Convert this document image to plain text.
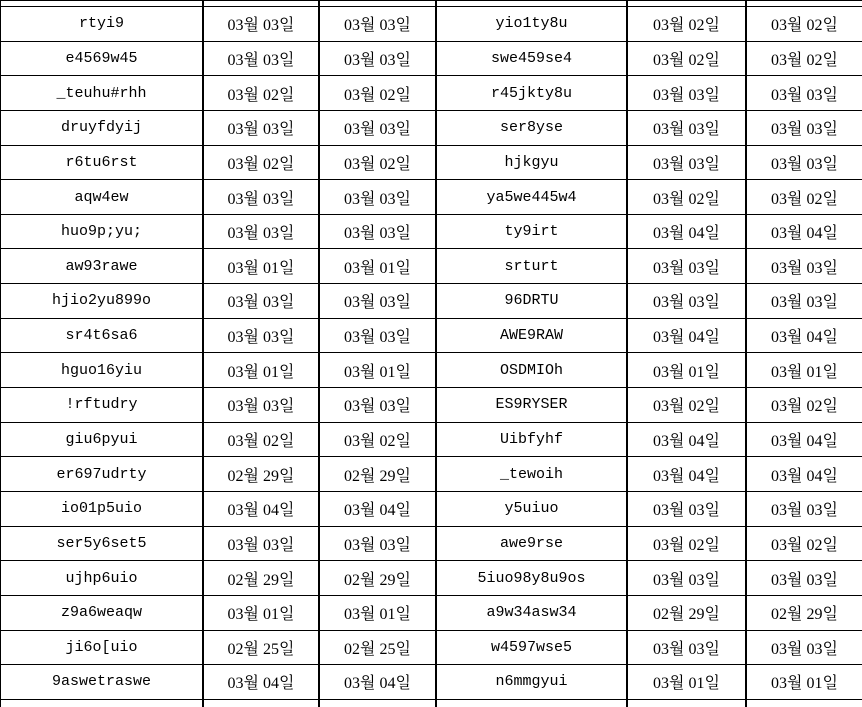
rtyi9	03월 03일	03월 03일	yio1ty8u	03월 02일	03월 02일
e4569w45	03월 03일	03월 03일	swe459se4	03월 02일	03월 02일
_teuhu#rhh	03월 02일	03월 02일	r45jkty8u	03월 03일	03월 03일
druyfdyij	03월 03일	03월 03일	ser8yse	03월 03일	03월 03일
r6tu6rst	03월 02일	03월 02일	hjkgyu	03월 03일	03월 03일
aqw4ew	03월 03일	03월 03일	ya5we445w4	03월 02일	03월 02일
huo9p;yu;	03월 03일	03월 03일	ty9irt	03월 04일	03월 04일
aw93rawe	03월 01일	03월 01일	srturt	03월 03일	03월 03일
hjio2yu899o	03월 03일	03월 03일	96DRTU	03월 03일	03월 03일
sr4t6sa6	03월 03일	03월 03일	AWE9RAW	03월 04일	03월 04일
hguo16yiu	03월 01일	03월 01일	OSDMIOh	03월 01일	03월 01일
!rftudry	03월 03일	03월 03일	ES9RYSER	03월 02일	03월 02일
giu6pyui	03월 02일	03월 02일	Uibfyhf	03월 04일	03월 04일
er697udrty	02월 29일	02월 29일	_tewoih	03월 04일	03월 04일
io01p5uio	03월 04일	03월 04일	y5uiuo	03월 03일	03월 03일
ser5y6set5	03월 03일	03월 03일	awe9rse	03월 02일	03월 02일
ujhp6uio	02월 29일	02월 29일	5iuo98y8u9os	03월 03일	03월 03일
z9a6weaqw	03월 01일	03월 01일	a9w34asw34	02월 29일	02월 29일
ji6o[uio	02월 25일	02월 25일	w4597wse5	03월 03일	03월 03일
9aswetraswe	03월 04일	03월 04일	n6mmgyui	03월 01일	03월 01일
